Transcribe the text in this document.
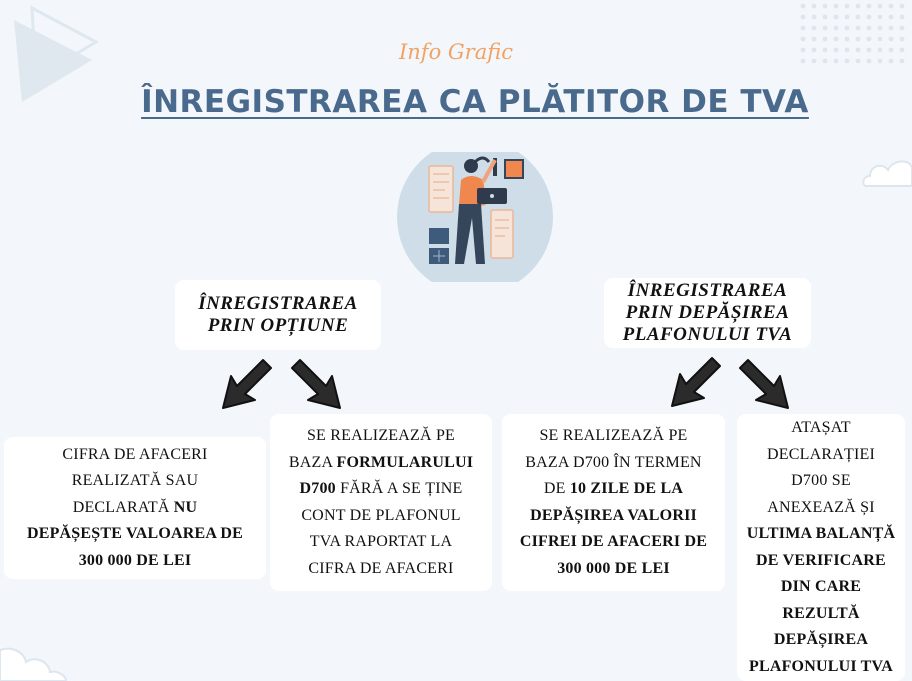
Info Grafic
ÎNREGISTRAREA CA PLĂTITOR DE TVA
ÎNREGISTRAREA
PRIN OPȚIUNE
ÎNREGISTRAREA
PRIN DEPĂȘIREA
PLAFONULUI TVA
CIFRA DE AFACERI
REALIZATĂ SAU
DECLARATĂ NU
DEPĂȘEȘTE VALOAREA DE
300 000 DE LEI
SE REALIZEAZĂ PE
BAZA FORMULARULUI
D700 FĂRĂ A SE ȚINE
CONT DE PLAFONUL
TVA RAPORTAT LA
CIFRA DE AFACERI
SE REALIZEAZĂ PE
BAZA D700 ÎN TERMEN
DE 10 ZILE DE LA
DEPĂȘIREA VALORII
CIFREI DE AFACERI DE
300 000 DE LEI
ATAȘAT
DECLARAȚIEI
D700 SE
ANEXEAZĂ ȘI
ULTIMA BALANȚĂ
DE VERIFICARE
DIN CARE
REZULTĂ
DEPĂȘIREA
PLAFONULUI TVA
